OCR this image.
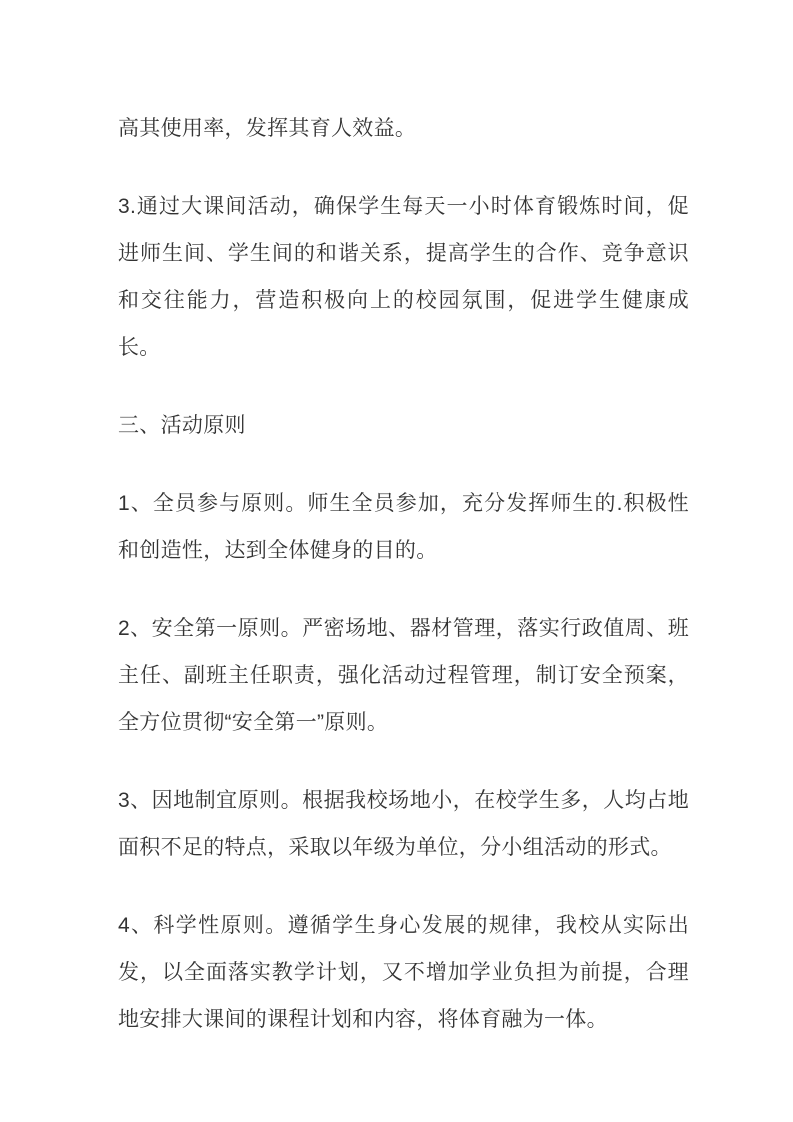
高其使用率，发挥其育人效益。

3.通过大课间活动，确保学生每天一小时体育锻炼时间，促进师生间、学生间的和谐关系，提高学生的合作、竞争意识和交往能力，营造积极向上的校园氛围，促进学生健康成长。

三、活动原则

1、全员参与原则。师生全员参加，充分发挥师生的.积极性和创造性，达到全体健身的目的。

2、安全第一原则。严密场地、器材管理，落实行政值周、班主任、副班主任职责，强化活动过程管理，制订安全预案，全方位贯彻“安全第一”原则。

3、因地制宜原则。根据我校场地小，在校学生多，人均占地面积不足的特点，采取以年级为单位，分小组活动的形式。

4、科学性原则。遵循学生身心发展的规律，我校从实际出发，以全面落实教学计划，又不增加学业负担为前提，合理地安排大课间的课程计划和内容，将体育融为一体。
